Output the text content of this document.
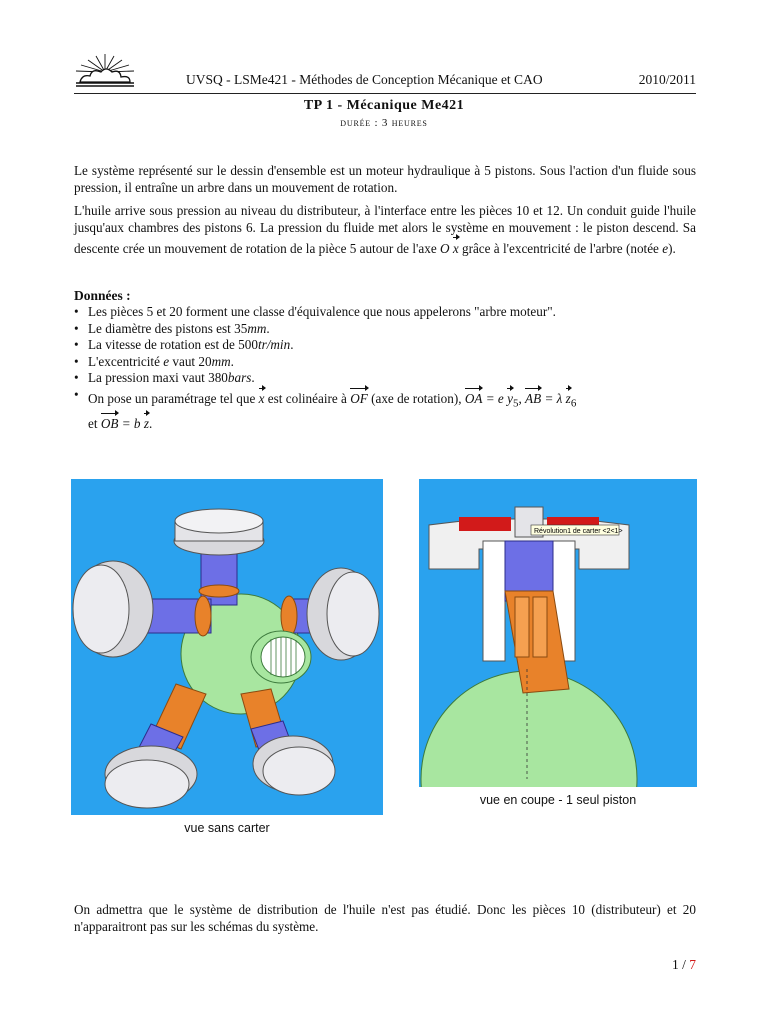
UVSQ - LSMe421 - Méthodes de Conception Mécanique et CAO	2010/2011
TP 1 - Mécanique Me421
durée : 3 heures
Le système représenté sur le dessin d'ensemble est un moteur hydraulique à 5 pistons. Sous l'action d'un fluide sous pression, il entraîne un arbre dans un mouvement de rotation.
L'huile arrive sous pression au niveau du distributeur, à l'interface entre les pièces 10 et 12. Un conduit guide l'huile jusqu'aux chambres des pistons 6. La pression du fluide met alors le système en mouvement : le piston descend. Sa descente crée un mouvement de rotation de la pièce 5 autour de l'axe O x grâce à l'excentricité de l'arbre (notée e).
Données :
• Les pièces 5 et 20 forment une classe d'équivalence que nous appelerons "arbre moteur".
• Le diamètre des pistons est 35mm.
• La vitesse de rotation est de 500tr/min.
• L'excentricité e vaut 20mm.
• La pression maxi vaut 380bars.
• On pose un paramétrage tel que x est colinéaire à OF (axe de rotation), OA = e $y_5$, AB = λ $z_6$
et OB = b z.
vue sans carter
Révolution1 de carter <2<1>
vue en coupe - 1 seul piston
On admettra que le système de distribution de l'huile n'est pas étudié. Donc les pièces 10 (distributeur) et 20 n'apparaitront pas sur les schémas du système.
1 / 7
